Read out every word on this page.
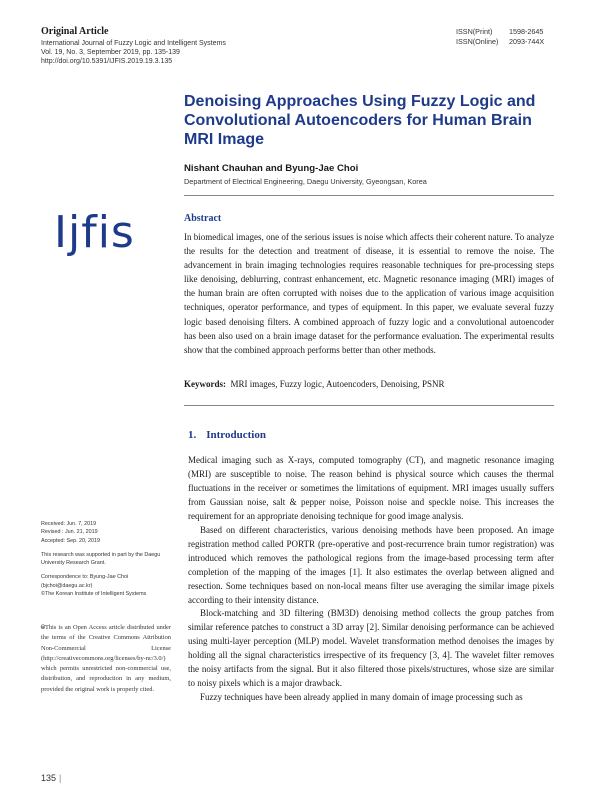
Original Article
International Journal of Fuzzy Logic and Intelligent Systems
Vol. 19, No. 3, September 2019, pp. 135-139
http://doi.org/10.5391/IJFIS.2019.19.3.135
ISSN(Print) 1598-2645
ISSN(Online) 2093-744X
Denoising Approaches Using Fuzzy Logic and Convolutional Autoencoders for Human Brain MRI Image
Nishant Chauhan and Byung-Jae Choi
Department of Electrical Engineering, Daegu University, Gyeongsan, Korea
Ijfis	Abstract
In biomedical images, one of the serious issues is noise which affects their coherent nature. To analyze the results for the detection and treatment of disease, it is essential to remove the noise. The advancement in brain imaging technologies requires reasonable techniques for pre-processing steps like denoising, deblurring, contrast enhancement, etc. Magnetic resonance imaging (MRI) images of the human brain are often corrupted with noises due to the application of various image acquisition techniques, operator performance, and types of equipment. In this paper, we evaluate several fuzzy logic based denoising filters. A combined approach of fuzzy logic and a convolutional autoencoder has been also used on a brain image dataset for the performance evaluation. The experimental results show that the combined approach performs better than other methods.
Keywords: MRI images, Fuzzy logic, Autoencoders, Denoising, PSNR
1. Introduction

Medical imaging such as X-rays, computed tomography (CT), and magnetic resonance imaging (MRI) are susceptible to noise. The reason behind is physical source which causes the thermal fluctuations in the receiver or sometimes the limitations of equipment. MRI images usually suffers from Gaussian noise, salt & pepper noise, Poisson noise and speckle noise. This increases the requirement for an appropriate denoising technique for good image analysis.

Based on different characteristics, various denoising methods have been proposed. An image registration method called PORTR (pre-operative and post-recurrence brain tumor registration) was introduced which removes the pathological regions from the image-based processing term after completion of the mapping of the images [1]. It also estimates the overlap between aligned and resection. Some techniques based on non-local means filter use averaging the similar image pixels according to their intensity distance.

Block-matching and 3D filtering (BM3D) denoising method collects the group patches from similar reference patches to construct a 3D array [2]. Similar denoising performance can be achieved using multi-layer perception (MLP) model. Wavelet transformation method denoises the images by holding all the signal characteristics irrespective of its frequency [3, 4]. The wavelet filter removes the noisy artifacts from the signal. But it also filtered those pixels/structures, whose size are similar to noisy pixels which is a major drawback.

Fuzzy techniques have been already applied in many domain of image processing such as

Received: Jun. 7, 2019
Revised : Jun. 21, 2019
Accepted: Sep. 20, 2019
This research was supported in part by the Daegu University Research Grant.
Correspondence to: Byung-Jae Choi
(bjchoi@daegu.ac.kr)
©The Korean Institute of Intelligent Systems
🅭This is an Open Access article distributed under the terms of the Creative Commons Attribution Non-Commercial License (http://creativecommons.org/licenses/by-nc/3.0/) which permits unrestricted non-commercial use, distribution, and reproduction in any medium, provided the original work is properly cited.
135 |
